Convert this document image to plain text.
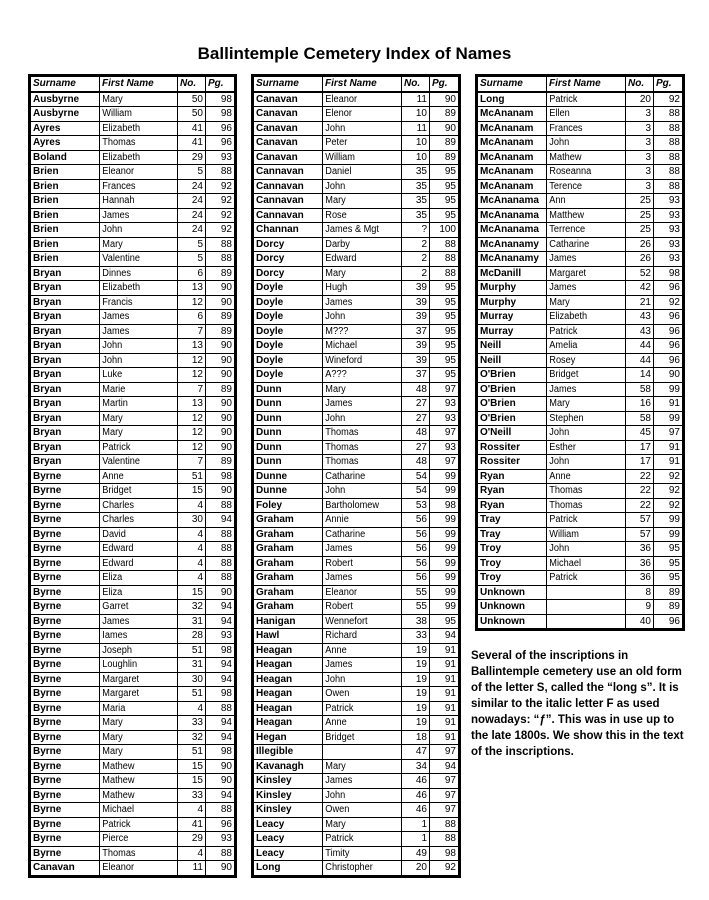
Ballintemple Cemetery Index of Names
Surname	First Name	No.	Pg.
Ausbyrne	Mary	50	98
Ausbyrne	William	50	98
Ayres	Elizabeth	41	96
Ayres	Thomas	41	96
Boland	Elizabeth	29	93
Brien	Eleanor	5	88
Brien	Frances	24	92
Brien	Hannah	24	92
Brien	James	24	92
Brien	John	24	92
Brien	Mary	5	88
Brien	Valentine	5	88
Bryan	Dinnes	6	89
Bryan	Elizabeth	13	90
Bryan	Francis	12	90
Bryan	James	6	89
Bryan	James	7	89
Bryan	John	13	90
Bryan	John	12	90
Bryan	Luke	12	90
Bryan	Marie	7	89
Bryan	Martin	13	90
Bryan	Mary	12	90
Bryan	Mary	12	90
Bryan	Patrick	12	90
Bryan	Valentine	7	89
Byrne	Anne	51	98
Byrne	Bridget	15	90
Byrne	Charles	4	88
Byrne	Charles	30	94
Byrne	David	4	88
Byrne	Edward	4	88
Byrne	Edward	4	88
Byrne	Eliza	4	88
Byrne	Eliza	15	90
Byrne	Garret	32	94
Byrne	James	31	94
Byrne	Iames	28	93
Byrne	Joseph	51	98
Byrne	Loughlin	31	94
Byrne	Margaret	30	94
Byrne	Margaret	51	98
Byrne	Maria	4	88
Byrne	Mary	33	94
Byrne	Mary	32	94
Byrne	Mary	51	98
Byrne	Mathew	15	90
Byrne	Mathew	15	90
Byrne	Mathew	33	94
Byrne	Michael	4	88
Byrne	Patrick	41	96
Byrne	Pierce	29	93
Byrne	Thomas	4	88
Canavan	Eleanor	11	90
Surname	First Name	No.	Pg.
Canavan	Eleanor	11	90
Canavan	Elenor	10	89
Canavan	John	11	90
Canavan	Peter	10	89
Canavan	William	10	89
Cannavan	Daniel	35	95
Cannavan	John	35	95
Cannavan	Mary	35	95
Cannavan	Rose	35	95
Channan	James & Mgt	?	100
Dorcy	Darby	2	88
Dorcy	Edward	2	88
Dorcy	Mary	2	88
Doyle	Hugh	39	95
Doyle	James	39	95
Doyle	John	39	95
Doyle	M???	37	95
Doyle	Michael	39	95
Doyle	Wineford	39	95
Doyle	A???	37	95
Dunn	Mary	48	97
Dunn	James	27	93
Dunn	John	27	93
Dunn	Thomas	48	97
Dunn	Thomas	27	93
Dunn	Thomas	48	97
Dunne	Catharine	54	99
Dunne	John	54	99
Foley	Bartholomew	53	98
Graham	Annie	56	99
Graham	Catharine	56	99
Graham	James	56	99
Graham	Robert	56	99
Graham	James	56	99
Graham	Eleanor	55	99
Graham	Robert	55	99
Hanigan	Wennefort	38	95
Hawl	Richard	33	94
Heagan	Anne	19	91
Heagan	James	19	91
Heagan	John	19	91
Heagan	Owen	19	91
Heagan	Patrick	19	91
Heagan	Anne	19	91
Hegan	Bridget	18	91
Illegible		47	97
Kavanagh	Mary	34	94
Kinsley	James	46	97
Kinsley	John	46	97
Kinsley	Owen	46	97
Leacy	Mary	1	88
Leacy	Patrick	1	88
Leacy	Timity	49	98
Long	Christopher	20	92
Surname	First Name	No.	Pg.
Long	Patrick	20	92
McAnanam	Ellen	3	88
McAnanam	Frances	3	88
McAnanam	John	3	88
McAnanam	Mathew	3	88
McAnanam	Roseanna	3	88
McAnanam	Terence	3	88
McAnanama	Ann	25	93
McAnanama	Matthew	25	93
McAnanama	Terrence	25	93
McAnanamy	Catharine	26	93
McAnanamy	James	26	93
McDanill	Margaret	52	98
Murphy	James	42	96
Murphy	Mary	21	92
Murray	Elizabeth	43	96
Murray	Patrick	43	96
Neill	Amelia	44	96
Neill	Rosey	44	96
O'Brien	Bridget	14	90
O'Brien	James	58	99
O'Brien	Mary	16	91
O'Brien	Stephen	58	99
O'Neill	John	45	97
Rossiter	Esther	17	91
Rossiter	John	17	91
Ryan	Anne	22	92
Ryan	Thomas	22	92
Ryan	Thomas	22	92
Tray	Patrick	57	99
Tray	William	57	99
Troy	John	36	95
Troy	Michael	36	95
Troy	Patrick	36	95
Unknown		8	89
Unknown		9	89
Unknown		40	96
Several of the inscriptions in Ballintemple cemetery use an old form of the letter S, called the “long s”. It is similar to the italic letter F as used nowadays: “ƒ”. This was in use up to the late 1800s. We show this in the text of the inscriptions.
